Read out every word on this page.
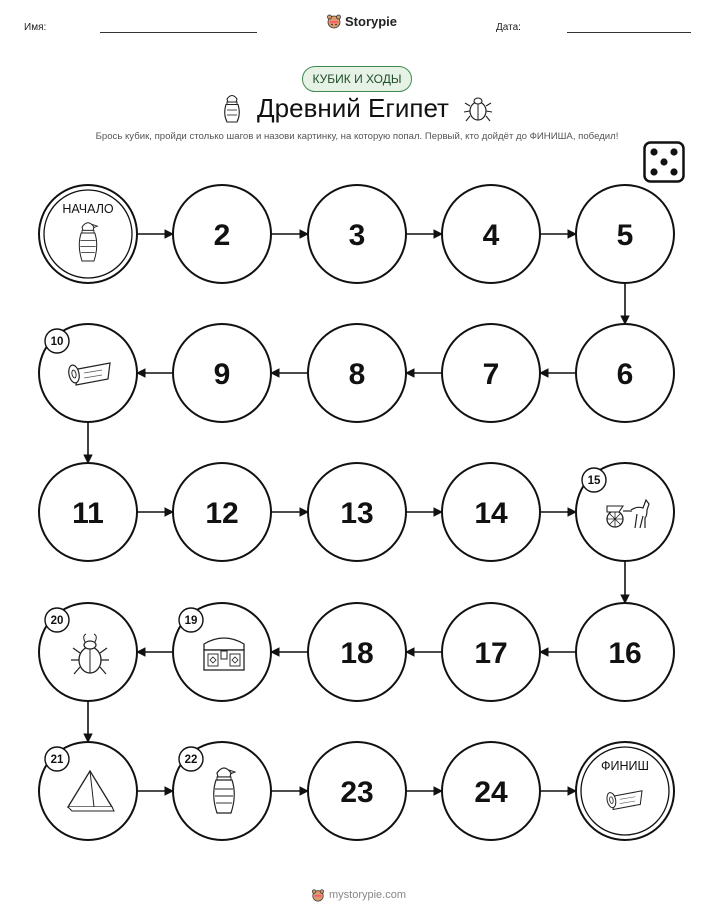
Имя:	Storypie	Дата:
КУБИК И ХОДЫ
Древний Египет
Брось кубик, пройди столько шагов и назови картинку, на которую попал. Первый, кто дойдёт до ФИНИША, победил!
НАЧАЛО
2	3	4	5
6
7
8
9
10
11	12	13	14
15
16
17
18
19
20
21	22
23	24
ФИНИШ
mystorypie.com
